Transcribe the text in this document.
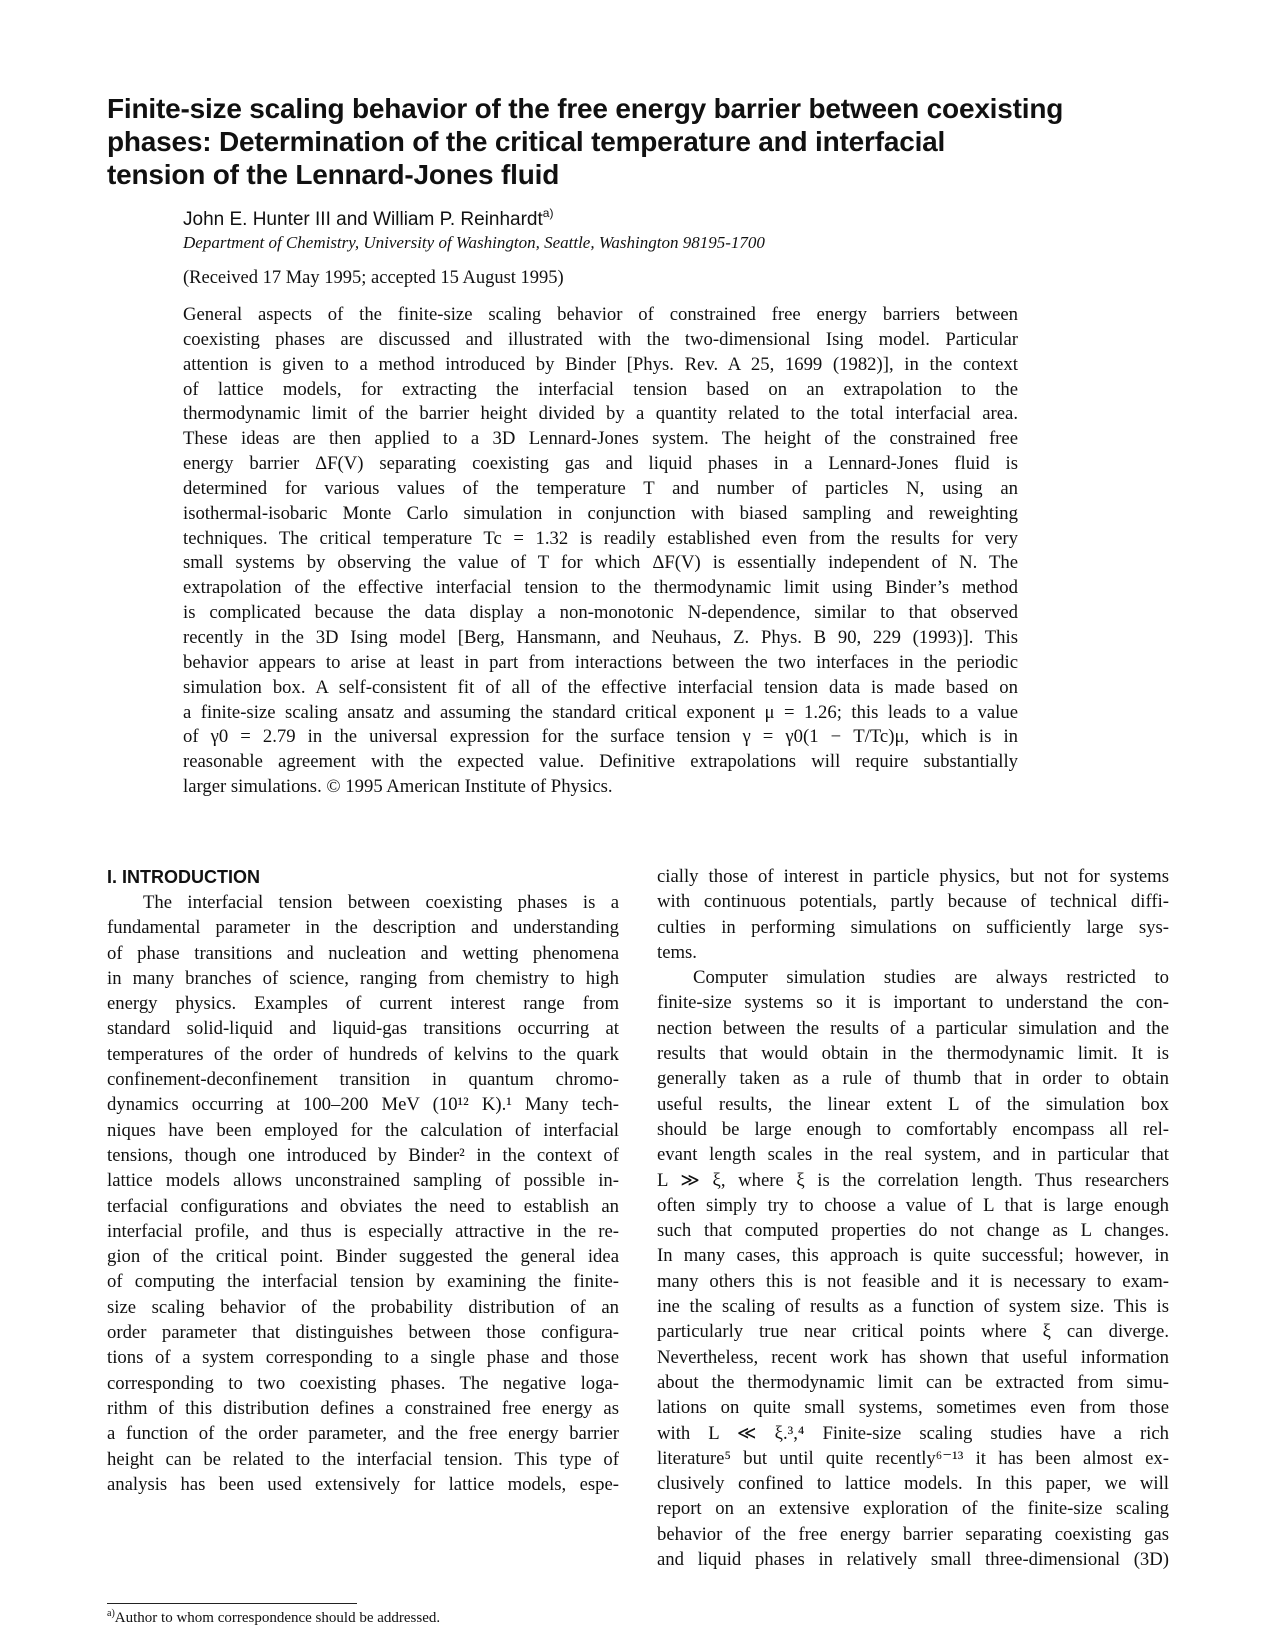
Finite-size scaling behavior of the free energy barrier between coexisting
phases: Determination of the critical temperature and interfacial
tension of the Lennard-Jones fluid
John E. Hunter III and William P. Reinhardt$^{a)}$
Department of Chemistry, University of Washington, Seattle, Washington 98195-1700
(Received 17 May 1995; accepted 15 August 1995)
General aspects of the finite-size scaling behavior of constrained free energy barriers between
coexisting phases are discussed and illustrated with the two-dimensional Ising model. Particular
attention is given to a method introduced by Binder [Phys. Rev. A 25, 1699 (1982)], in the context
of lattice models, for extracting the interfacial tension based on an extrapolation to the
thermodynamic limit of the barrier height divided by a quantity related to the total interfacial area.
These ideas are then applied to a 3D Lennard-Jones system. The height of the constrained free
energy barrier ΔF(V) separating coexisting gas and liquid phases in a Lennard-Jones fluid is
determined for various values of the temperature T and number of particles N, using an
isothermal-isobaric Monte Carlo simulation in conjunction with biased sampling and reweighting
techniques. The critical temperature Tc = 1.32 is readily established even from the results for very
small systems by observing the value of T for which ΔF(V) is essentially independent of N. The
extrapolation of the effective interfacial tension to the thermodynamic limit using Binder’s method
is complicated because the data display a non-monotonic N-dependence, similar to that observed
recently in the 3D Ising model [Berg, Hansmann, and Neuhaus, Z. Phys. B 90, 229 (1993)]. This
behavior appears to arise at least in part from interactions between the two interfaces in the periodic
simulation box. A self-consistent fit of all of the effective interfacial tension data is made based on
a finite-size scaling ansatz and assuming the standard critical exponent μ = 1.26; this leads to a value
of γ0 = 2.79 in the universal expression for the surface tension γ = γ0(1 − T/Tc)μ, which is in
reasonable agreement with the expected value. Definitive extrapolations will require substantially
larger simulations. © 1995 American Institute of Physics.
I. INTRODUCTION
The interfacial tension between coexisting phases is a
fundamental parameter in the description and understanding
of phase transitions and nucleation and wetting phenomena
in many branches of science, ranging from chemistry to high
energy physics. Examples of current interest range from
standard solid-liquid and liquid-gas transitions occurring at
temperatures of the order of hundreds of kelvins to the quark
confinement-deconfinement transition in quantum chromo-
dynamics occurring at 100–200 MeV (10¹² K).¹ Many tech-
niques have been employed for the calculation of interfacial
tensions, though one introduced by Binder² in the context of
lattice models allows unconstrained sampling of possible in-
terfacial configurations and obviates the need to establish an
interfacial profile, and thus is especially attractive in the re-
gion of the critical point. Binder suggested the general idea
of computing the interfacial tension by examining the finite-
size scaling behavior of the probability distribution of an
order parameter that distinguishes between those configura-
tions of a system corresponding to a single phase and those
corresponding to two coexisting phases. The negative loga-
rithm of this distribution defines a constrained free energy as
a function of the order parameter, and the free energy barrier
height can be related to the interfacial tension. This type of
analysis has been used extensively for lattice models, espe-
cially those of interest in particle physics, but not for systems
with continuous potentials, partly because of technical diffi-
culties in performing simulations on sufficiently large sys-
tems.
Computer simulation studies are always restricted to
finite-size systems so it is important to understand the con-
nection between the results of a particular simulation and the
results that would obtain in the thermodynamic limit. It is
generally taken as a rule of thumb that in order to obtain
useful results, the linear extent L of the simulation box
should be large enough to comfortably encompass all rel-
evant length scales in the real system, and in particular that
L ≫ ξ, where ξ is the correlation length. Thus researchers
often simply try to choose a value of L that is large enough
such that computed properties do not change as L changes.
In many cases, this approach is quite successful; however, in
many others this is not feasible and it is necessary to exam-
ine the scaling of results as a function of system size. This is
particularly true near critical points where ξ can diverge.
Nevertheless, recent work has shown that useful information
about the thermodynamic limit can be extracted from simu-
lations on quite small systems, sometimes even from those
with L ≪ ξ.³,⁴ Finite-size scaling studies have a rich
literature⁵ but until quite recently⁶⁻¹³ it has been almost ex-
clusively confined to lattice models. In this paper, we will
report on an extensive exploration of the finite-size scaling
behavior of the free energy barrier separating coexisting gas
and liquid phases in relatively small three-dimensional (3D)
$^{a)}$Author to whom correspondence should be addressed.
